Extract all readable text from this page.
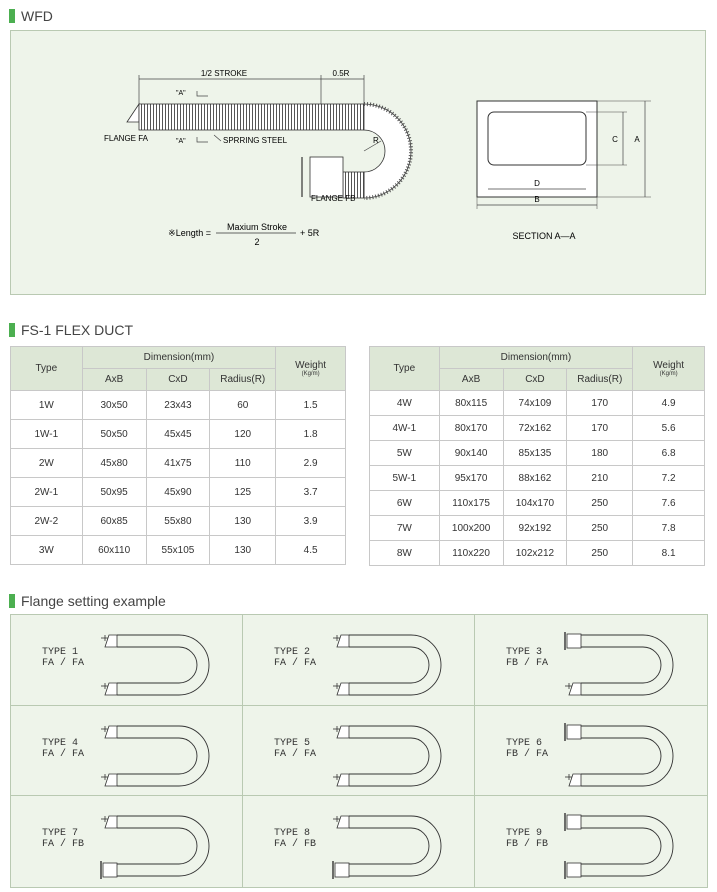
WFD
1/2 STROKE	0.5R
"A"
"A"
FLANGE FA
FLANGE FB
SPRRING STEEL	R
※Length =
Maxium Stroke
2
+ 5R
C A
D
B
SECTION A—A
FS-1 FLEX DUCT
Type	Dimension(mm)			Weight
(Kg/m)

	AxB	CxD	Radius(R)	
1W	30x50	23x43	60	1.5
1W-1	50x50	45x45	120	1.8
2W	45x80	41x75	110	2.9
2W-1	50x95	45x90	125	3.7
2W-2	60x85	55x80	130	3.9
3W	60x110	55x105	130	4.5
Type	Dimension(mm)			Weight
(Kg/m)

	AxB	CxD	Radius(R)	
4W	80x115	74x109	170	4.9
4W-1	80x170	72x162	170	5.6
5W	90x140	85x135	180	6.8
5W-1	95x170	88x162	210	7.2
6W	110x175	104x170	250	7.6
7W	100x200	92x192	250	7.8
8W	110x220	102x212	250	8.1
Flange setting example
TYPE 1
FA / FA
TYPE 2
FA / FA
TYPE 3
FB / FA
TYPE 4
FA / FA
TYPE 5
FA / FA
TYPE 6
FB / FA
TYPE 7
FA / FB
TYPE 8
FA / FB
TYPE 9
FB / FB
